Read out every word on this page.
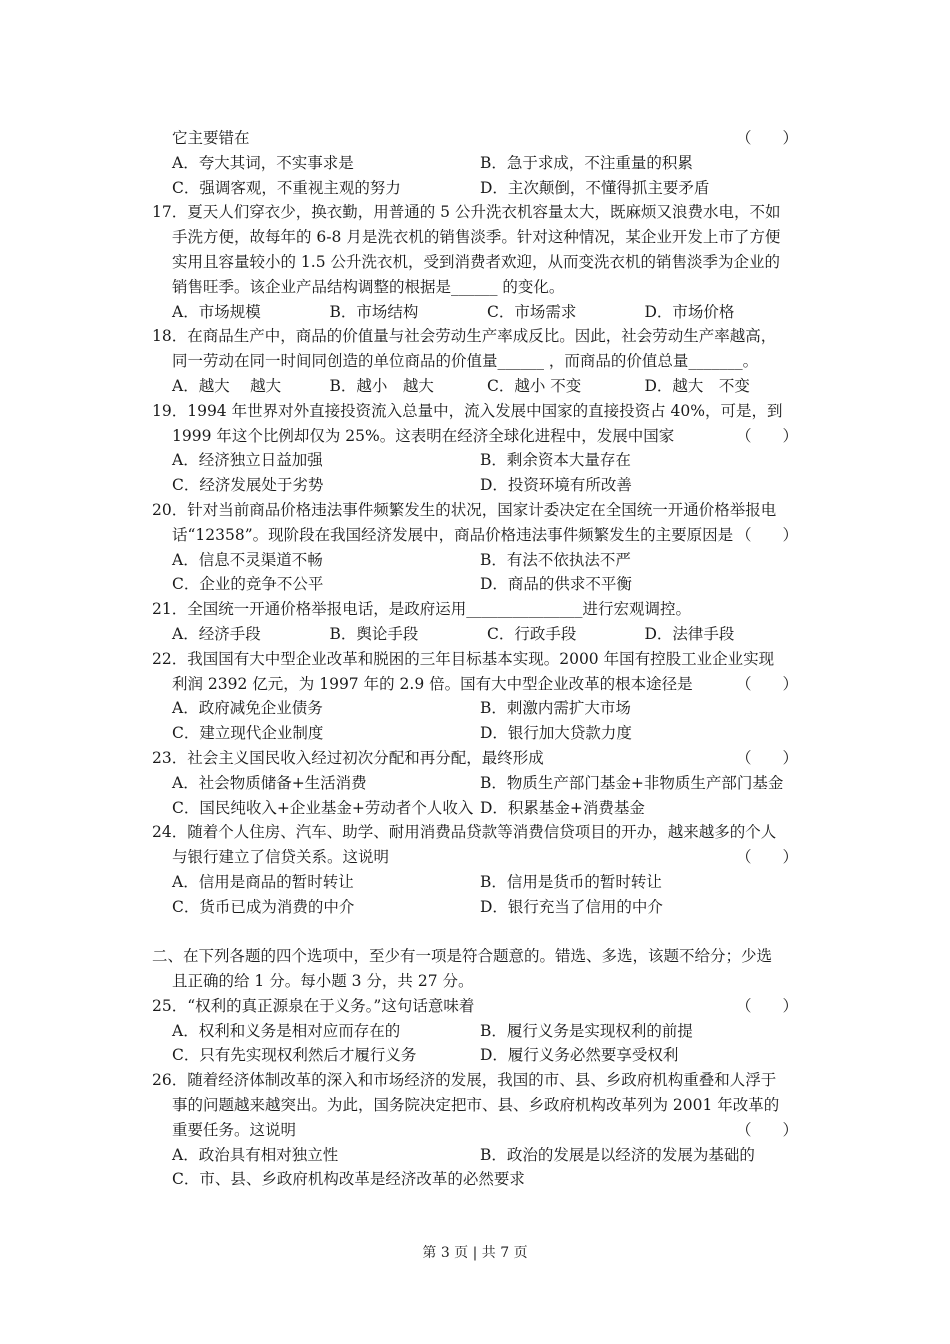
它主要错在	（　　）
A．夸大其词，不实事求是	B．急于求成，不注重量的积累
C．强调客观，不重视主观的努力	D．主次颠倒，不懂得抓主要矛盾
17．夏天人们穿衣少，换衣勤，用普通的 5 公升洗衣机容量太大，既麻烦又浪费水电，不如
手洗方便，故每年的 6-8 月是洗衣机的销售淡季。针对这种情况，某企业开发上市了方便
实用且容量较小的 1.5 公升洗衣机，受到消费者欢迎，从而变洗衣机的销售淡季为企业的
销售旺季。该企业产品结构调整的根据是______ 的变化。
A．市场规模	B．市场结构	C．市场需求	D．市场价格
18．在商品生产中，商品的价值量与社会劳动生产率成反比。因此，社会劳动生产率越高，
同一劳动在同一时间同创造的单位商品的价值量______ ，而商品的价值总量_______。
A．越大　 越大	B．越小　越大	C．越小 不变	D．越大　不变
19．1994 年世界对外直接投资流入总量中，流入发展中国家的直接投资占 40%，可是，到
1999 年这个比例却仅为 25%。这表明在经济全球化进程中，发展中国家	（　　）
A．经济独立日益加强	B．剩余资本大量存在
C．经济发展处于劣势	D．投资环境有所改善
20．针对当前商品价格违法事件频繁发生的状况，国家计委决定在全国统一开通价格举报电
话“12358”。现阶段在我国经济发展中，商品价格违法事件频繁发生的主要原因是 （　　）
A．信息不灵渠道不畅	B．有法不依执法不严
C．企业的竞争不公平	D．商品的供求不平衡
21．全国统一开通价格举报电话，是政府运用_______________进行宏观调控。
A．经济手段	B．舆论手段	C．行政手段	D．法律手段
22．我国国有大中型企业改革和脱困的三年目标基本实现。2000 年国有控股工业企业实现
利润 2392 亿元，为 1997 年的 2.9 倍。国有大中型企业改革的根本途径是	（　　）
A．政府减免企业债务	B．刺激内需扩大市场
C．建立现代企业制度	D．银行加大贷款力度
23．社会主义国民收入经过初次分配和再分配，最终形成	（　　）
A．社会物质储备+生活消费	B．物质生产部门基金+非物质生产部门基金
C．国民纯收入+企业基金+劳动者个人收入 D．积累基金+消费基金
24．随着个人住房、汽车、助学、耐用消费品贷款等消费信贷项目的开办，越来越多的个人
与银行建立了信贷关系。这说明	（　　）
A．信用是商品的暂时转让	B．信用是货币的暂时转让
C．货币已成为消费的中介	D．银行充当了信用的中介
二、在下列各题的四个选项中，至少有一项是符合题意的。错选、多选，该题不给分；少选
且正确的给 1 分。每小题 3 分，共 27 分。
25．“权利的真正源泉在于义务。”这句话意味着	（　　）
A．权利和义务是相对应而存在的	B．履行义务是实现权利的前提
C．只有先实现权利然后才履行义务	D．履行义务必然要享受权利
26．随着经济体制改革的深入和市场经济的发展，我国的市、县、乡政府机构重叠和人浮于
事的问题越来越突出。为此，国务院决定把市、县、乡政府机构改革列为 2001 年改革的
重要任务。这说明	（　　）
A．政治具有相对独立性	B．政治的发展是以经济的发展为基础的
C．市、县、乡政府机构改革是经济改革的必然要求
第 3 页 | 共 7 页
